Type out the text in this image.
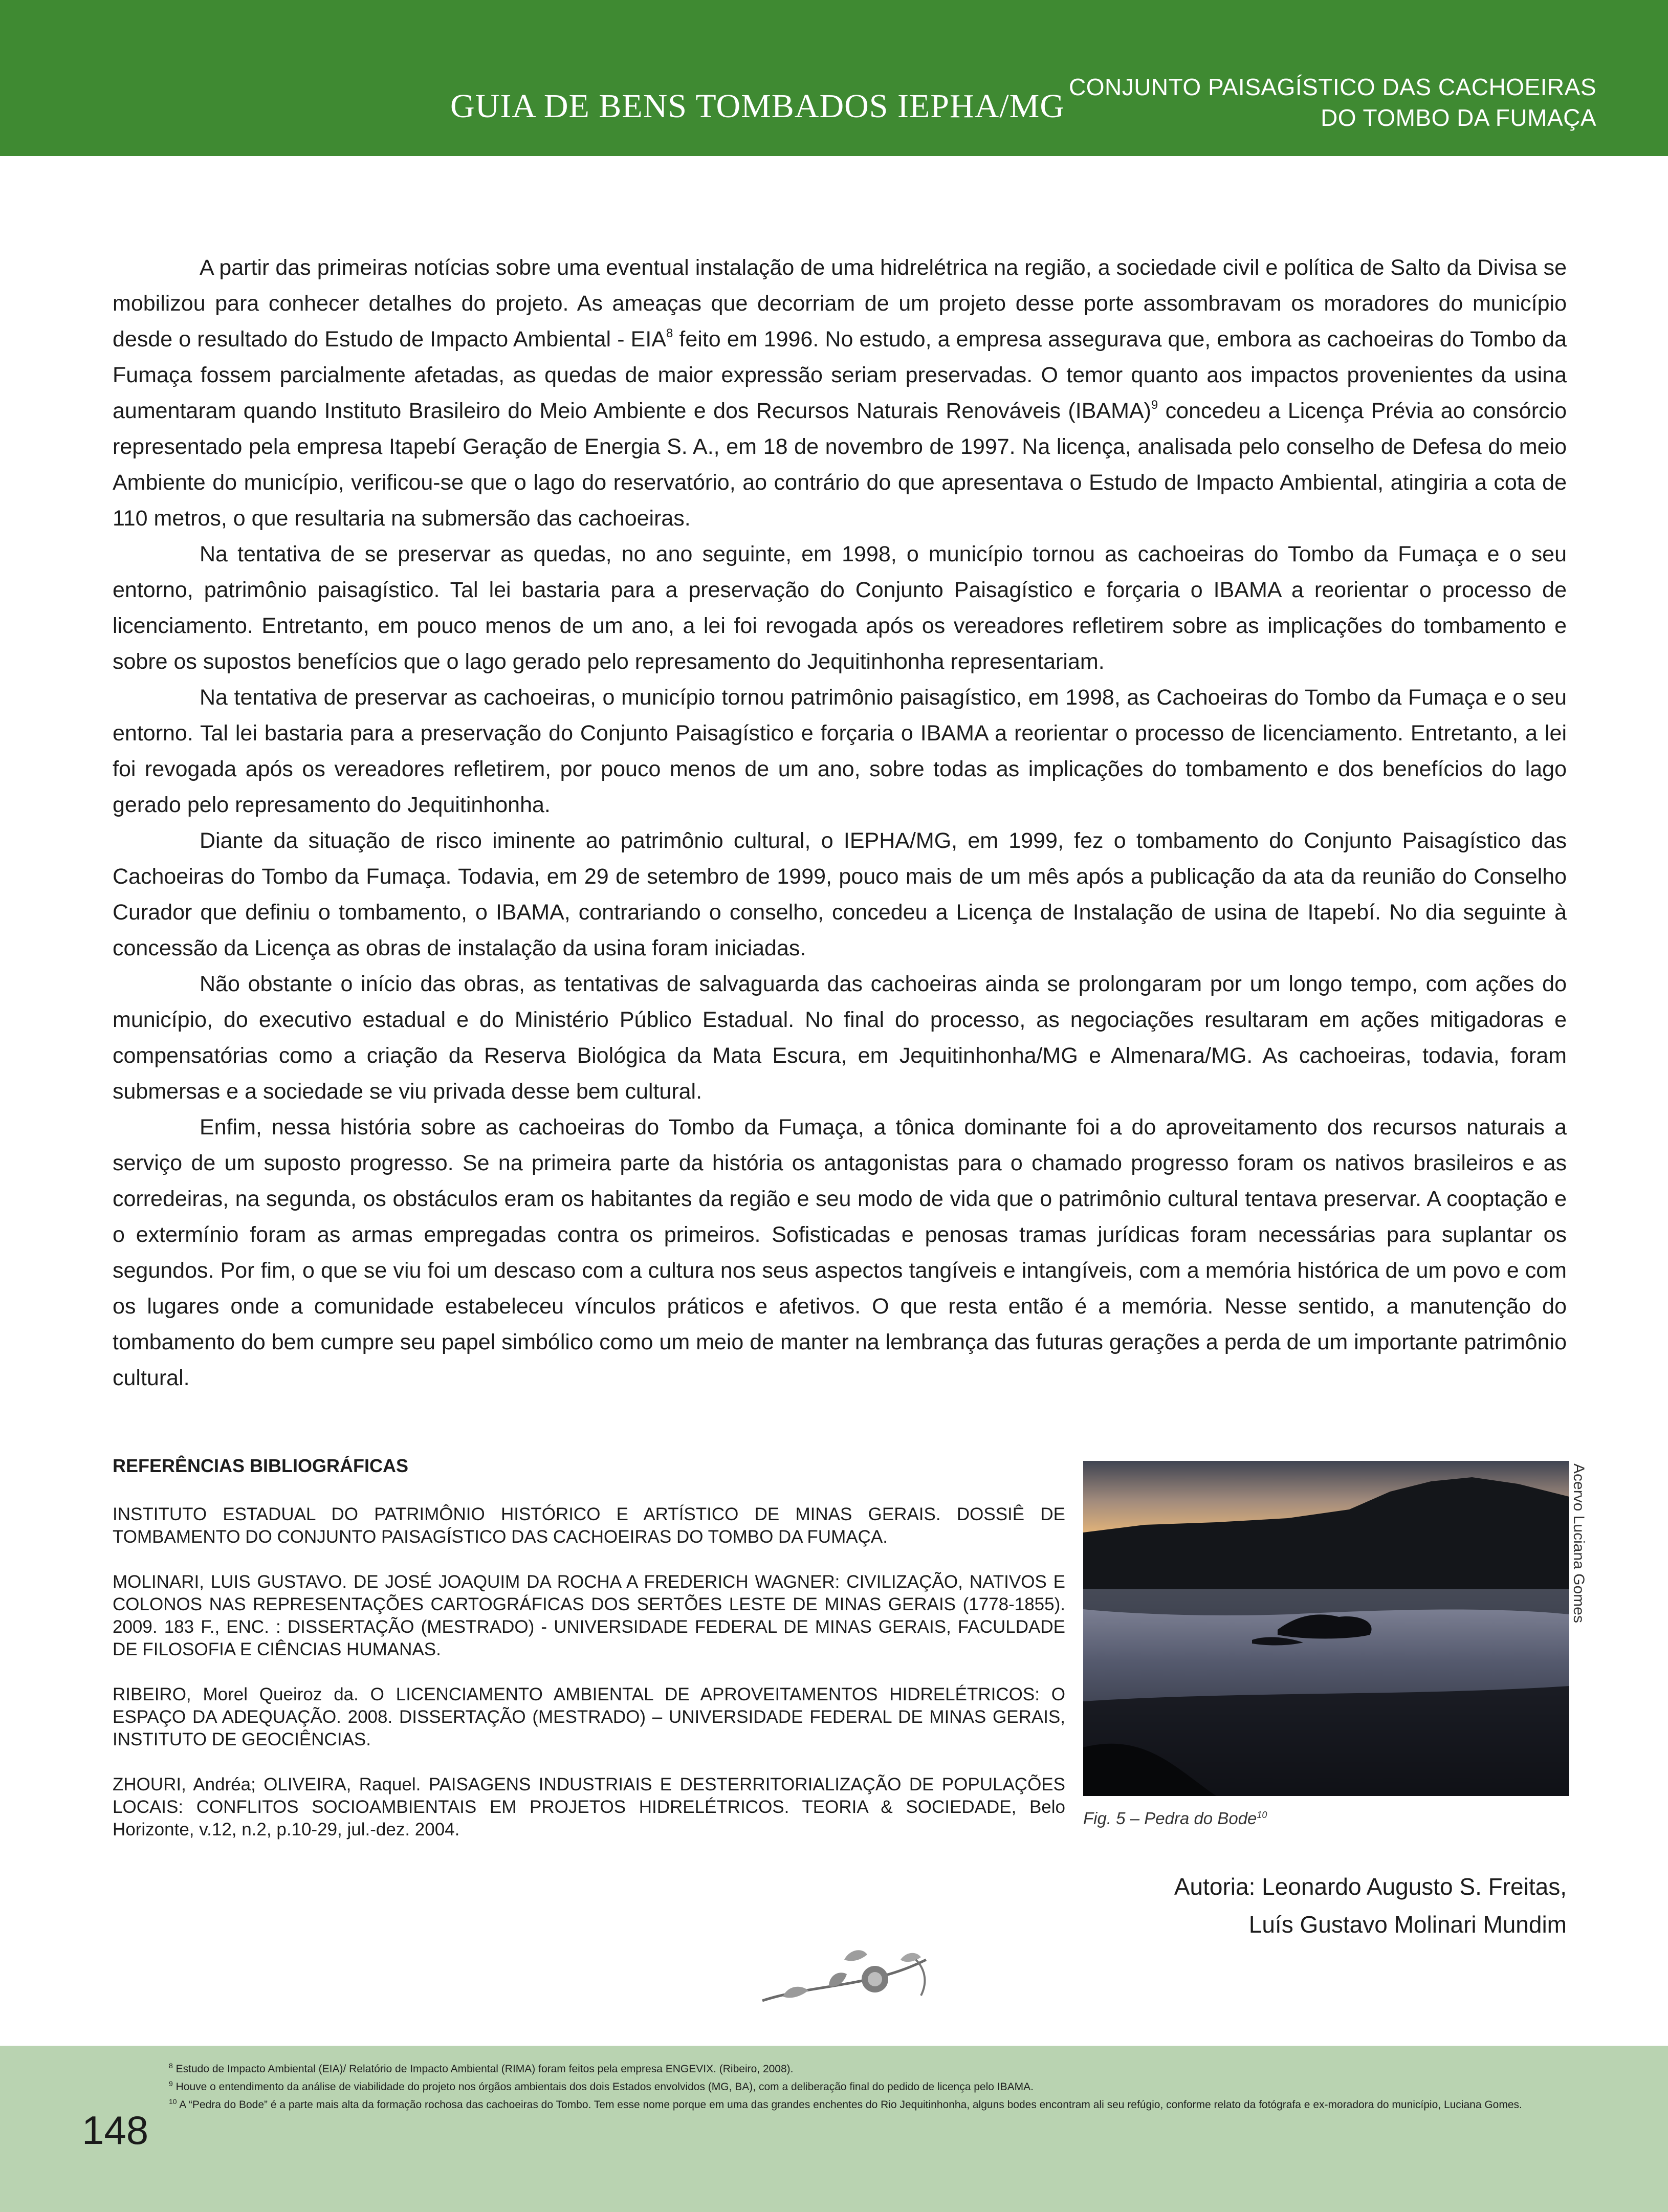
GUIA DE BENS TOMBADOS IEPHA/MG
CONJUNTO PAISAGÍSTICO DAS CACHOEIRAS
DO TOMBO DA FUMAÇA

A partir das primeiras notícias sobre uma eventual instalação de uma hidrelétrica na região, a sociedade civil e política de Salto da Divisa se mobilizou para conhecer detalhes do projeto. As ameaças que decorriam de um projeto desse porte assombravam os moradores do município desde o resultado do Estudo de Impacto Ambiental - EIA$^8$ feito em 1996. No estudo, a empresa assegurava que, embora as cachoeiras do Tombo da Fumaça fossem parcialmente afetadas, as quedas de maior expressão seriam preservadas. O temor quanto aos impactos provenientes da usina aumentaram quando Instituto Brasileiro do Meio Ambiente e dos Recursos Naturais Renováveis (IBAMA)$^9$ concedeu a Licença Prévia ao consórcio representado pela empresa Itapebí Geração de Energia S. A., em 18 de novembro de 1997. Na licença, analisada pelo conselho de Defesa do meio Ambiente do município, verificou-se que o lago do reservatório, ao contrário do que apresentava o Estudo de Impacto Ambiental, atingiria a cota de 110 metros, o que resultaria na submersão das cachoeiras.

Na tentativa de se preservar as quedas, no ano seguinte, em 1998, o município tornou as cachoeiras do Tombo da Fumaça e o seu entorno, patrimônio paisagístico. Tal lei bastaria para a preservação do Conjunto Paisagístico e forçaria o IBAMA a reorientar o processo de licenciamento. Entretanto, em pouco menos de um ano, a lei foi revogada após os vereadores refletirem sobre as implicações do tombamento e sobre os supostos benefícios que o lago gerado pelo represamento do Jequitinhonha representariam.

Na tentativa de preservar as cachoeiras, o município tornou patrimônio paisagístico, em 1998, as Cachoeiras do Tombo da Fumaça e o seu entorno. Tal lei bastaria para a preservação do Conjunto Paisagístico e forçaria o IBAMA a reorientar o processo de licenciamento. Entretanto, a lei foi revogada após os vereadores refletirem, por pouco menos de um ano, sobre todas as implicações do tombamento e dos benefícios do lago gerado pelo represamento do Jequitinhonha.

Diante da situação de risco iminente ao patrimônio cultural, o IEPHA/MG, em 1999, fez o tombamento do Conjunto Paisagístico das Cachoeiras do Tombo da Fumaça. Todavia, em 29 de setembro de 1999, pouco mais de um mês após a publicação da ata da reunião do Conselho Curador que definiu o tombamento, o IBAMA, contrariando o conselho, concedeu a Licença de Instalação de usina de Itapebí. No dia seguinte à concessão da Licença as obras de instalação da usina foram iniciadas.

Não obstante o início das obras, as tentativas de salvaguarda das cachoeiras ainda se prolongaram por um longo tempo, com ações do município, do executivo estadual e do Ministério Público Estadual. No final do processo, as negociações resultaram em ações mitigadoras e compensatórias como a criação da Reserva Biológica da Mata Escura, em Jequitinhonha/MG e Almenara/MG. As cachoeiras, todavia, foram submersas e a sociedade se viu privada desse bem cultural.

Enfim, nessa história sobre as cachoeiras do Tombo da Fumaça, a tônica dominante foi a do aproveitamento dos recursos naturais a serviço de um suposto progresso. Se na primeira parte da história os antagonistas para o chamado progresso foram os nativos brasileiros e as corredeiras, na segunda, os obstáculos eram os habitantes da região e seu modo de vida que o patrimônio cultural tentava preservar. A cooptação e o extermínio foram as armas empregadas contra os primeiros. Sofisticadas e penosas tramas jurídicas foram necessárias para suplantar os segundos. Por fim, o que se viu foi um descaso com a cultura nos seus aspectos tangíveis e intangíveis, com a memória histórica de um povo e com os lugares onde a comunidade estabeleceu vínculos práticos e afetivos. O que resta então é a memória. Nesse sentido, a manutenção do tombamento do bem cumpre seu papel simbólico como um meio de manter na lembrança das futuras gerações a perda de um importante patrimônio cultural.

REFERÊNCIAS BIBLIOGRÁFICAS
INSTITUTO ESTADUAL DO PATRIMÔNIO HISTÓRICO E ARTÍSTICO DE MINAS GERAIS. DOSSIÊ DE TOMBAMENTO DO CONJUNTO PAISAGÍSTICO DAS CACHOEIRAS DO TOMBO DA FUMAÇA.
MOLINARI, LUIS GUSTAVO. DE JOSÉ JOAQUIM DA ROCHA A FREDERICH WAGNER: CIVILIZAÇÃO, NATIVOS E COLONOS NAS REPRESENTAÇÕES CARTOGRÁFICAS DOS SERTÕES LESTE DE MINAS GERAIS (1778-1855). 2009. 183 F., ENC. : DISSERTAÇÃO (MESTRADO) - UNIVERSIDADE FEDERAL DE MINAS GERAIS, FACULDADE DE FILOSOFIA E CIÊNCIAS HUMANAS.
RIBEIRO, Morel Queiroz da. O LICENCIAMENTO AMBIENTAL DE APROVEITAMENTOS HIDRELÉTRICOS: O ESPAÇO DA ADEQUAÇÃO. 2008. DISSERTAÇÃO (MESTRADO) – UNIVERSIDADE FEDERAL DE MINAS GERAIS, INSTITUTO DE GEOCIÊNCIAS.
ZHOURI, Andréa; OLIVEIRA, Raquel. PAISAGENS INDUSTRIAIS E DESTERRITORIALIZAÇÃO DE POPULAÇÕES LOCAIS: CONFLITOS SOCIOAMBIENTAIS EM PROJETOS HIDRELÉTRICOS. TEORIA & SOCIEDADE, Belo Horizonte, v.12, n.2, p.10-29, jul.-dez. 2004.
Acervo Luciana Gomes
Fig. 5 – Pedra do Bode$^{10}$
Autoria: Leonardo Augusto S. Freitas,
Luís Gustavo Molinari Mundim
$^8$ Estudo de Impacto Ambiental (EIA)/ Relatório de Impacto Ambiental (RIMA) foram feitos pela empresa ENGEVIX. (Ribeiro, 2008).
$^9$ Houve o entendimento da análise de viabilidade do projeto nos órgãos ambientais dos dois Estados envolvidos (MG, BA), com a deliberação final do pedido de licença pelo IBAMA.
$^{10}$ A “Pedra do Bode” é a parte mais alta da formação rochosa das cachoeiras do Tombo. Tem esse nome porque em uma das grandes enchentes do Rio Jequitinhonha, alguns bodes encontram ali seu refúgio, conforme relato da fotógrafa e ex-moradora do município, Luciana Gomes.
148
